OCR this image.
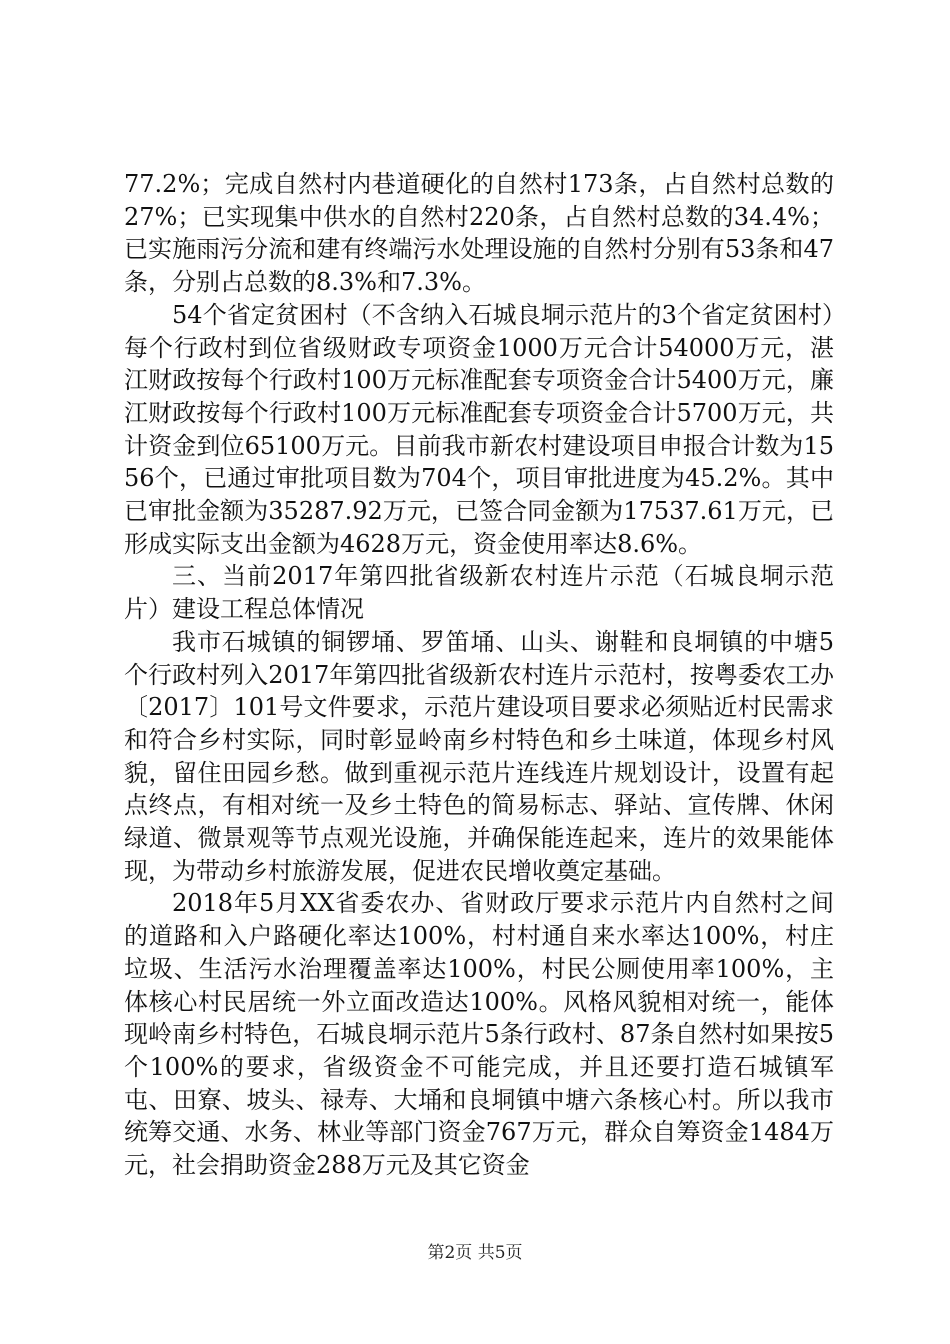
77.2%；完成自然村内巷道硬化的自然村173条，占自然村总数的27%；已实现集中供水的自然村220条，占自然村总数的34.4%；已实施雨污分流和建有终端污水处理设施的自然村分别有53条和47条，分别占总数的8.3%和7.3%。

54个省定贫困村（不含纳入石城良垌示范片的3个省定贫困村）每个行政村到位省级财政专项资金1000万元合计54000万元，湛江财政按每个行政村100万元标准配套专项资金合计5400万元，廉江财政按每个行政村100万元标准配套专项资金合计5700万元，共计资金到位65100万元。目前我市新农村建设项目申报合计数为1556个，已通过审批项目数为704个，项目审批进度为45.2%。其中已审批金额为35287.92万元，已签合同金额为17537.61万元，已形成实际支出金额为4628万元，资金使用率达8.6%。

三、当前2017年第四批省级新农村连片示范（石城良垌示范片）建设工程总体情况

我市石城镇的铜锣埇、罗笛埇、山头、谢鞋和良垌镇的中塘5个行政村列入2017年第四批省级新农村连片示范村，按粤委农工办〔2017〕101号文件要求，示范片建设项目要求必须贴近村民需求和符合乡村实际，同时彰显岭南乡村特色和乡土味道，体现乡村风貌，留住田园乡愁。做到重视示范片连线连片规划设计，设置有起点终点，有相对统一及乡土特色的简易标志、驿站、宣传牌、休闲绿道、微景观等节点观光设施，并确保能连起来，连片的效果能体现，为带动乡村旅游发展，促进农民增收奠定基础。

2018年5月XX省委农办、省财政厅要求示范片内自然村之间的道路和入户路硬化率达100%，村村通自来水率达100%，村庄垃圾、生活污水治理覆盖率达100%，村民公厕使用率100%，主体核心村民居统一外立面改造达100%。风格风貌相对统一，能体现岭南乡村特色，石城良垌示范片5条行政村、87条自然村如果按5个100%的要求，省级资金不可能完成，并且还要打造石城镇军屯、田寮、坡头、禄寿、大埇和良垌镇中塘六条核心村。所以我市统筹交通、水务、林业等部门资金767万元，群众自筹资金1484万元，社会捐助资金288万元及其它资金

第2页 共5页
